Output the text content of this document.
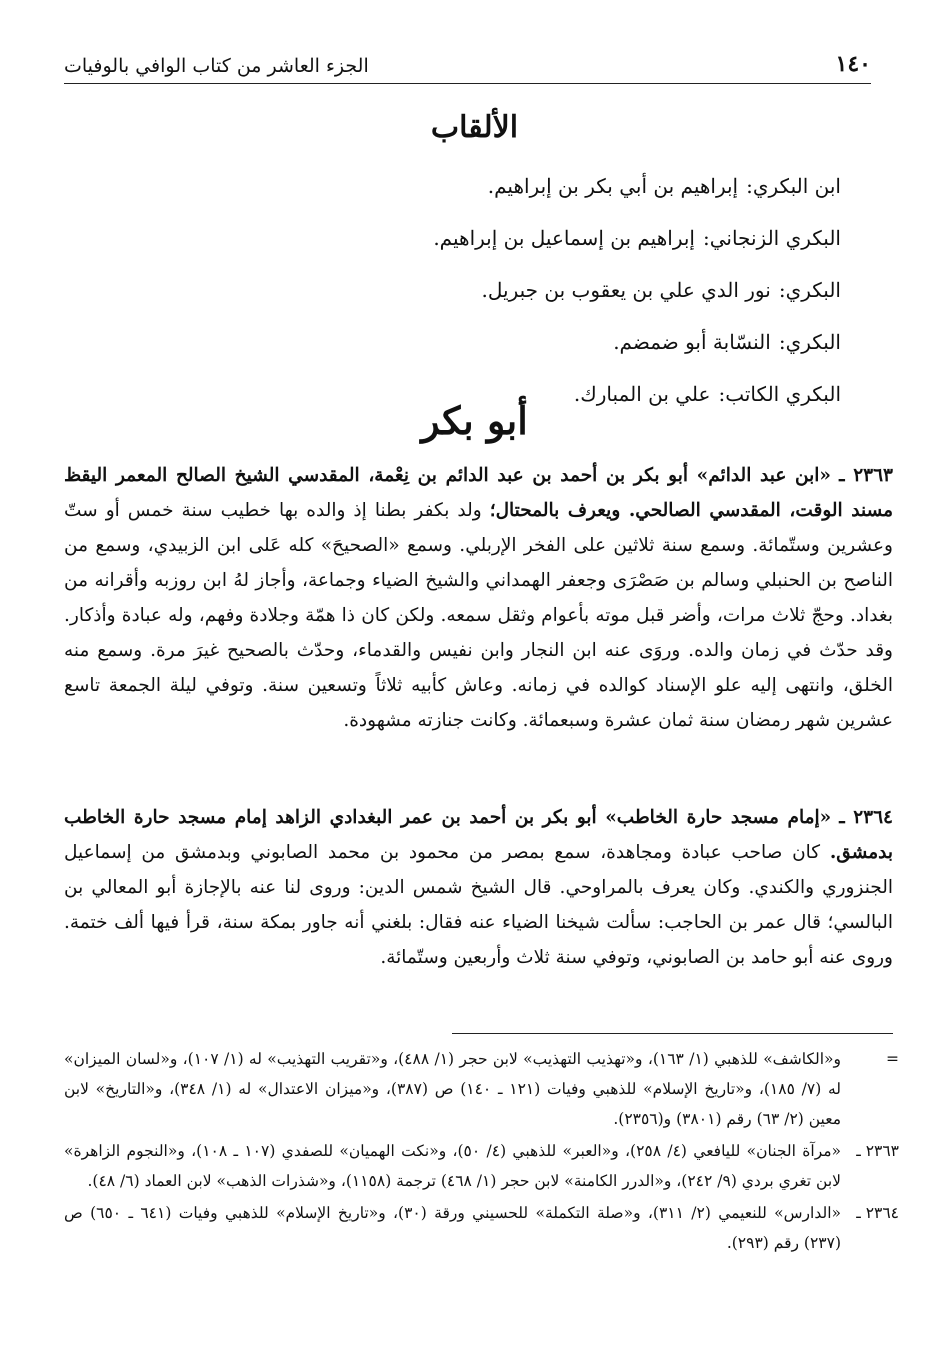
١٤٠
الجزء العاشر من كتاب الوافي بالوفيات
الألقاب
ابن البكري:إبراهيم بن أبي بكر بن إبراهيم.
البكري الزنجاني:إبراهيم بن إسماعيل بن إبراهيم.
البكري:نور الدي علي بن يعقوب بن جبريل.
البكري:النسّابة أبو ضمضم.
البكري الكاتب:علي بن المبارك.
أبو بكر

٢٣٦٣ ـ «ابن عبد الدائم» أبو بكر بن أحمد بن عبد الدائم بن نِعْمة، المقدسي الشيخ الصالح المعمر اليقظ مسند الوقت، المقدسي الصالحي. ويعرف بالمحتال؛ ولد بكفر بطنا إذ والده بها خطيب سنة خمس أو ستّ وعشرين وستّمائة. وسمع سنة ثلاثين على الفخر الإربلي. وسمع «الصحيحَ» كله عَلى ابن الزبيدي، وسمع من الناصح بن الحنبلي وسالم بن صَصْرَى وجعفر الهمداني والشيخ الضياء وجماعة، وأجاز لهُ ابن روزبه وأقرانه من بغداد. وحجّ ثلاث مرات، وأضر قبل موته بأعوام وثقل سمعه. ولكن كان ذا همّة وجلادة وفهم، وله عبادة وأذكار. وقد حدّث في زمان والده. وروَى عنه ابن النجار وابن نفيس والقدماء، وحدّث بالصحيح غيرَ مرة. وسمع منه الخلق، وانتهى إليه علو الإسناد كوالده في زمانه. وعاش كأبيه ثلاثاً وتسعين سنة. وتوفي ليلة الجمعة تاسع عشرين شهر رمضان سنة ثمان عشرة وسبعمائة. وكانت جنازته مشهودة.

٢٣٦٤ ـ «إمام مسجد حارة الخاطب» أبو بكر بن أحمد بن عمر البغدادي الزاهد إمام مسجد حارة الخاطب بدمشق. كان صاحب عبادة ومجاهدة، سمع بمصر من محمود بن محمد الصابوني وبدمشق من إسماعيل الجنزوري والكندي. وكان يعرف بالمراوحي. قال الشيخ شمس الدين: وروى لنا عنه بالإجازة أبو المعالي بن البالسي؛ قال عمر بن الحاجب: سألت شيخنا الضياء عنه فقال: بلغني أنه جاور بمكة سنة، قرأ فيها ألف ختمة. وروى عنه أبو حامد بن الصابوني، وتوفي سنة ثلاث وأربعين وستّمائة.

=
و«الكاشف» للذهبي (١/ ١٦٣)، و«تهذيب التهذيب» لابن حجر (١/ ٤٨٨)، و«تقريب التهذيب» له (١/ ١٠٧)، و«لسان الميزان» له (٧/ ١٨٥)، و«تاريخ الإسلام» للذهبي وفيات (١٢١ ـ ١٤٠) ص (٣٨٧)، و«ميزان الاعتدال» له (١/ ٣٤٨)، و«التاريخ» لابن معين (٢/ ٦٣) رقم (٣٨٠١) و(٢٣٥٦).
٢٣٦٣ ـ
«مرآة الجنان» لليافعي (٤/ ٢٥٨)، و«العبر» للذهبي (٤/ ٥٠)، و«نكت الهميان» للصفدي (١٠٧ ـ ١٠٨)، و«النجوم الزاهرة» لابن تغري بردي (٩/ ٢٤٢)، و«الدرر الكامنة» لابن حجر (١/ ٤٦٨) ترجمة (١١٥٨)، و«شذرات الذهب» لابن العماد (٦/ ٤٨).
٢٣٦٤ ـ
«الدارس» للنعيمي (٢/ ٣١١)، و«صلة التكملة» للحسيني ورقة (٣٠)، و«تاريخ الإسلام» للذهبي وفيات (٦٤١ ـ ٦٥٠) ص (٢٣٧) رقم (٢٩٣).
